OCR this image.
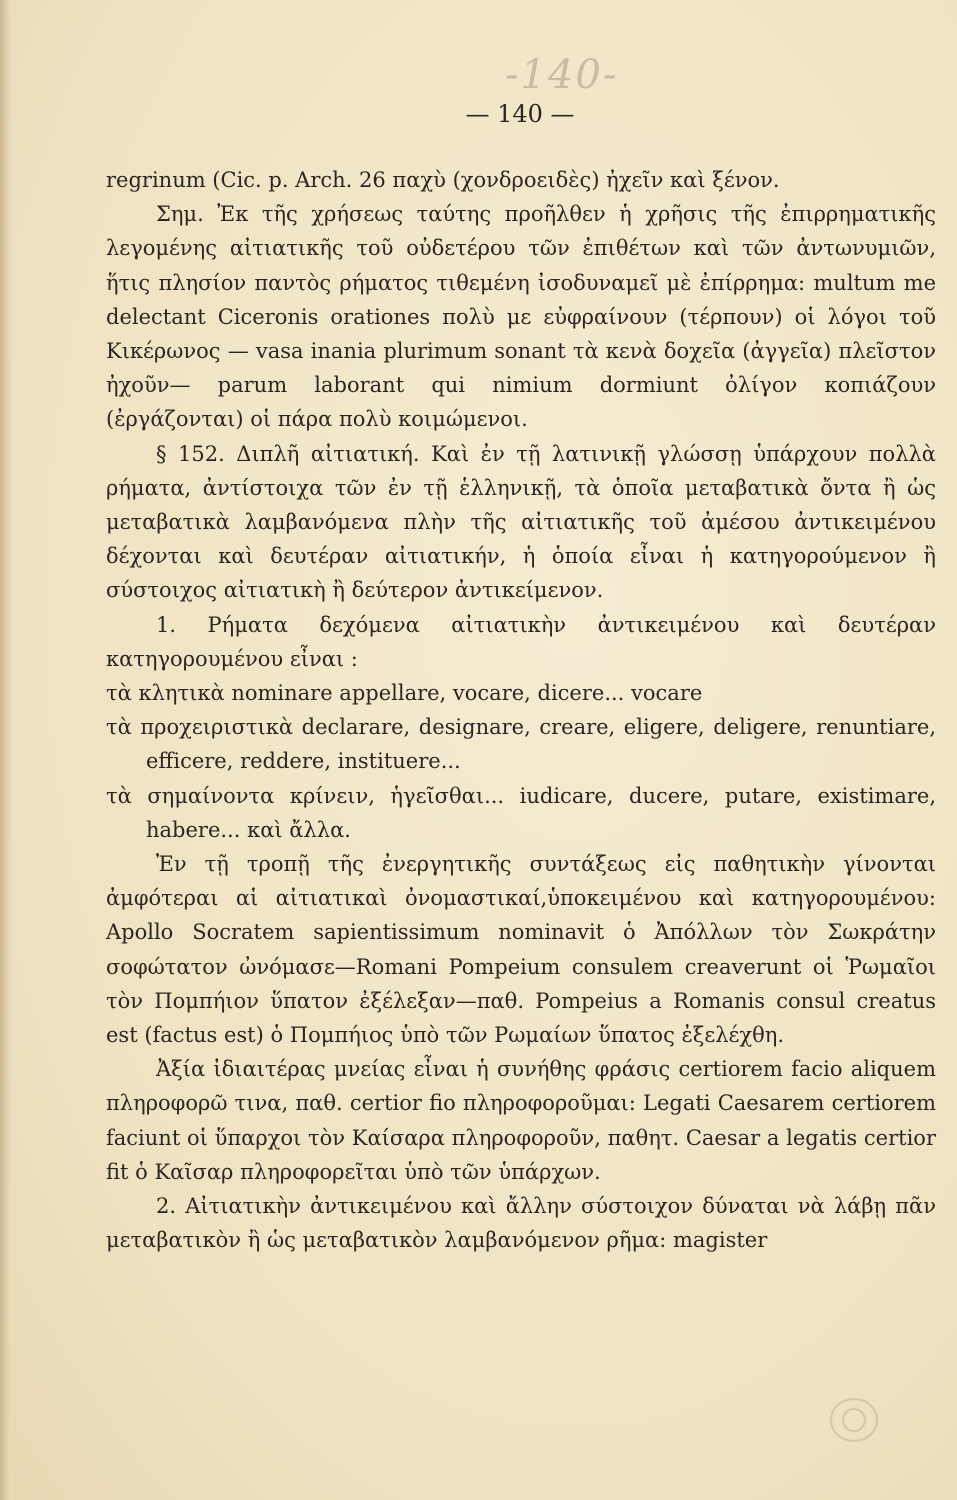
-140-
— 140 —

regrinum (Cic. p. Arch. 26 παχὺ (χονδροειδὲς) ἠχεῖν καὶ ξένον.

Σημ. Ἐκ τῆς χρήσεως ταύτης προῆλθεν ἡ χρῆσις τῆς ἐπιρρηματικῆς λεγομένης αἰτιατικῆς τοῦ οὐδετέρου τῶν ἐπιθέτων καὶ τῶν ἀντωνυμιῶν, ἥτις πλησίον παντὸς ρήματος τιθεμένη ἰσοδυναμεῖ μὲ ἐπίρρημα: multum me delectant Ciceronis orationes πολὺ με εὐφραίνουν (τέρπουν) οἱ λόγοι τοῦ Κικέρωνος — vasa inania plurimum sonant τὰ κενὰ δοχεῖα (ἀγγεῖα) πλεῖστον ἠχοῦν— parum laborant qui nimium dormiunt ὀλίγον κοπιάζουν (ἐργάζονται) οἱ πάρα πολὺ κοιμώμενοι.

§ 152. Διπλῆ αἰτιατική. Καὶ ἐν τῇ λατινικῇ γλώσσῃ ὑπάρχουν πολλὰ ρήματα, ἀντίστοιχα τῶν ἐν τῇ ἑλληνικῇ, τὰ ὁποῖα μεταβατικὰ ὄντα ἢ ὡς μεταβατικὰ λαμβανόμενα πλὴν τῆς αἰτιατικῆς τοῦ ἀμέσου ἀντικειμένου δέχονται καὶ δευτέραν αἰτιατικήν, ἡ ὁποία εἶναι ἡ κατηγορούμενον ἢ σύστοιχος αἰτιατικὴ ἢ δεύτερον ἀντικείμενον.

1. Ρήματα δεχόμενα αἰτιατικὴν ἀντικειμένου καὶ δευτέραν κατηγορουμένου εἶναι :

τὰ κλητικὰ nominare appellare, vocare, dicere... vocare

τὰ προχειριστικὰ declarare, designare, creare, eligere, deligere, renuntiare, efficere, reddere, instituere...

τὰ σημαίνοντα κρίνειν, ἡγεῖσθαι... iudicare, ducere, putare, existimare, habere... καὶ ἄλλα.

Ἐν τῇ τροπῇ τῆς ἐνεργητικῆς συντάξεως εἰς παθητικὴν γίνονται ἀμφότεραι αἱ αἰτιατικαὶ ὀνομαστικαί,ὑποκειμένου καὶ κατηγορουμένου: Apollo Socratem sapientissimum nominavit ὁ Ἀπόλλων τὸν Σωκράτην σοφώτατον ὠνόμασε—Romani Pompeium consulem creaverunt οἱ Ῥωμαῖοι τὸν Πομπήιον ὕπατον ἐξέλεξαν—παθ. Pompeius a Romanis consul creatus est (factus est) ὁ Πομπήιος ὑπὸ τῶν Ρωμαίων ὕπατος ἐξελέχθη.

Ἀξία ἰδιαιτέρας μνείας εἶναι ἡ συνήθης φράσις certiorem facio aliquem πληροφορῶ τινα, παθ. certior fio πληροφοροῦμαι: Legati Caesarem certiorem faciunt οἱ ὕπαρχοι τὸν Καίσαρα πληροφοροῦν, παθητ. Caesar a legatis certior fit ὁ Καῖσαρ πληροφορεῖται ὑπὸ τῶν ὑπάρχων.

2. Αἰτιατικὴν ἀντικειμένου καὶ ἄλλην σύστοιχον δύναται νὰ λάβῃ πᾶν μεταβατικὸν ἢ ὡς μεταβατικὸν λαμβανόμενον ρῆμα: magister
